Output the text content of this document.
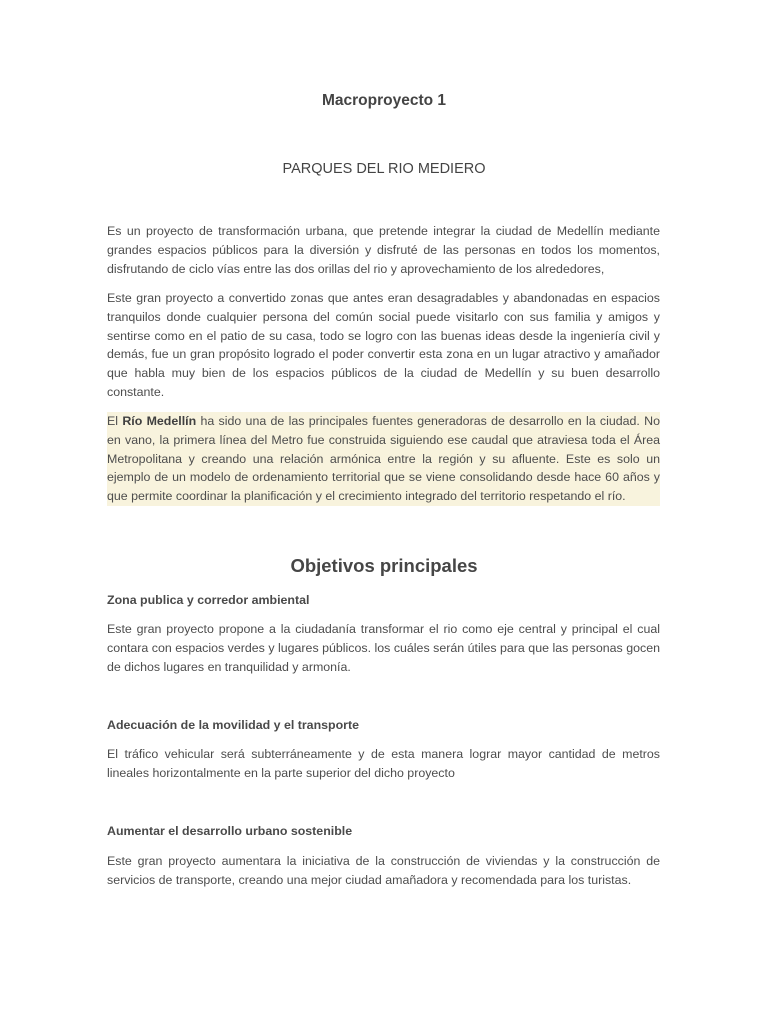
Macroproyecto 1
PARQUES DEL RIO MEDIERO

Es un proyecto de transformación urbana, que pretende integrar la ciudad de Medellín mediante grandes espacios públicos para la diversión y disfruté de las personas en todos los momentos, disfrutando de ciclo vías entre las dos orillas del rio y aprovechamiento de los alrededores,

Este gran proyecto a convertido zonas que antes eran desagradables y abandonadas en espacios tranquilos donde cualquier persona del común social puede visitarlo con sus familia y amigos y sentirse como en el patio de su casa, todo se logro con las buenas ideas desde la ingeniería civil y demás, fue un gran propósito logrado el poder convertir esta zona en un lugar atractivo y amañador que habla muy bien de los espacios públicos de la ciudad de Medellín y su buen desarrollo constante.

El Río Medellín ha sido una de las principales fuentes generadoras de desarrollo en la ciudad. No en vano, la primera línea del Metro fue construida siguiendo ese caudal que atraviesa toda el Área Metropolitana y creando una relación armónica entre la región y su afluente. Este es solo un ejemplo de un modelo de ordenamiento territorial que se viene consolidando desde hace 60 años y que permite coordinar la planificación y el crecimiento integrado del territorio respetando el río.

Objetivos principales
Zona publica y corredor ambiental

Este gran proyecto propone a la ciudadanía transformar el rio como eje central y principal el cual contara con espacios verdes y lugares públicos. los cuáles serán útiles para que las personas gocen de dichos lugares en tranquilidad y armonía.

Adecuación de la movilidad y el transporte

El tráfico vehicular será subterráneamente y de esta manera lograr mayor cantidad de metros lineales horizontalmente en la parte superior del dicho proyecto

Aumentar el desarrollo urbano sostenible

Este gran proyecto aumentara la iniciativa de la construcción de viviendas y la construcción de servicios de transporte, creando una mejor ciudad amañadora y recomendada para los turistas.
